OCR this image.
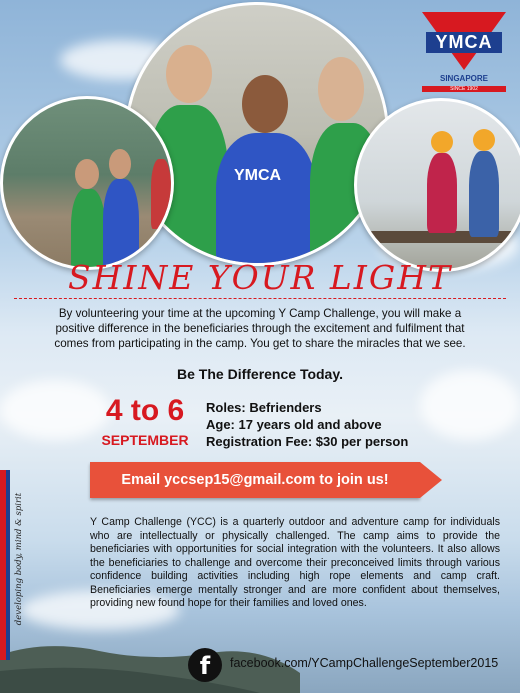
YMCA
YMCA
SINGAPORE
SINCE 1902
SHINE YOUR LIGHT
By volunteering your time at the upcoming Y Camp Challenge, you will make a positive difference in the beneficiaries through the excitement and fulfilment that comes from participating in the camp. You get to share the miracles that we see.
Be The Difference Today.
4 to 6
SEPTEMBER
Roles: Befrienders
Age: 17 years old and above
Registration Fee: $30 per person
Email yccsep15@gmail.com to join us!
Y Camp Challenge (YCC) is a quarterly outdoor and adventure camp for individuals who are intellectually or physically challenged. The camp aims to provide the beneficiaries with opportunities for social integration with the volunteers. It also allows the beneficiaries to challenge and overcome their preconceived limits through various confidence building activities including high rope elements and camp craft. Beneficiaries emerge mentally stronger and are more confident about themselves, providing new found hope for their families and loved ones.
developing body, mind & spirit
f	facebook.com/YCampChallengeSeptember2015
